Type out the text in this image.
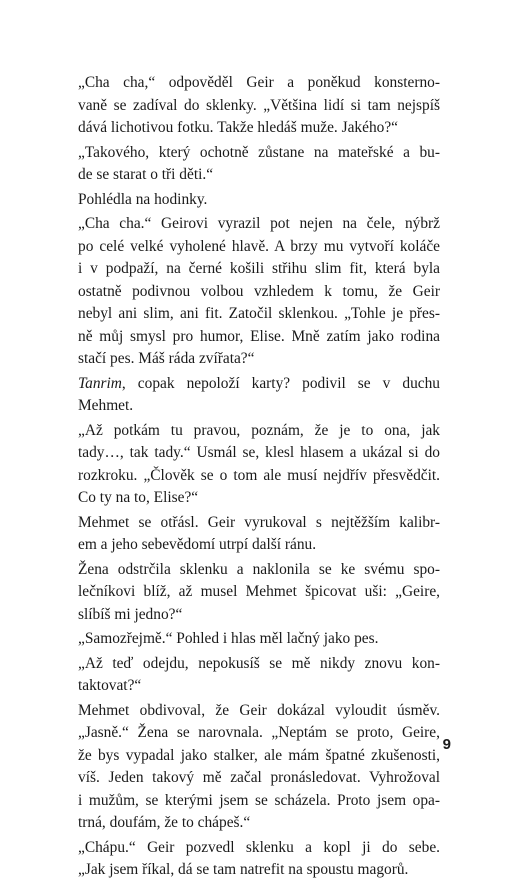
„Cha cha,“ odpověděl Geir a poněkud konsterno-
vaně se zadíval do sklenky. „Většina lidí si tam nejspíš
dává lichotivou fotku. Takže hledáš muže. Jakého?“
„Takového, který ochotně zůstane na mateřské a bu-
de se starat o tři děti.“
Pohlédla na hodinky.
„Cha cha.“ Geirovi vyrazil pot nejen na čele, nýbrž
po celé velké vyholené hlavě. A brzy mu vytvoří koláče
i v podpaží, na černé košili střihu slim fit, která byla
ostatně podivnou volbou vzhledem k tomu, že Geir
nebyl ani slim, ani fit. Zatočil sklenkou. „Tohle je přes-
ně můj smysl pro humor, Elise. Mně zatím jako rodina
stačí pes. Máš ráda zvířata?“
Tanrim, copak nepoloží karty? podivil se v duchu
Mehmet.
„Až potkám tu pravou, poznám, že je to ona, jak
tady…, tak tady.“ Usmál se, klesl hlasem a ukázal si do
rozkroku. „Člověk se o tom ale musí nejdřív přesvědčit.
Co ty na to, Elise?“
Mehmet se otřásl. Geir vyrukoval s nejtěžším kalibr-
em a jeho sebevědomí utrpí další ránu.
Žena odstrčila sklenku a naklonila se ke svému spo-
lečníkovi blíž, až musel Mehmet špicovat uši: „Geire,
slíbíš mi jedno?“
„Samozřejmě.“ Pohled i hlas měl lačný jako pes.
„Až teď odejdu, nepokusíš se mě nikdy znovu kon-
taktovat?“
Mehmet obdivoval, že Geir dokázal vyloudit úsměv.
„Jasně.“ Žena se narovnala. „Neptám se proto, Geire,
že bys vypadal jako stalker, ale mám špatné zkušenosti,
víš. Jeden takový mě začal pronásledovat. Vyhrožoval
i mužům, se kterými jsem se scházela. Proto jsem opa-
trná, doufám, že to chápeš.“
„Chápu.“ Geir pozvedl sklenku a kopl ji do sebe.
„Jak jsem říkal, dá se tam natrefit na spoustu magorů.
9
